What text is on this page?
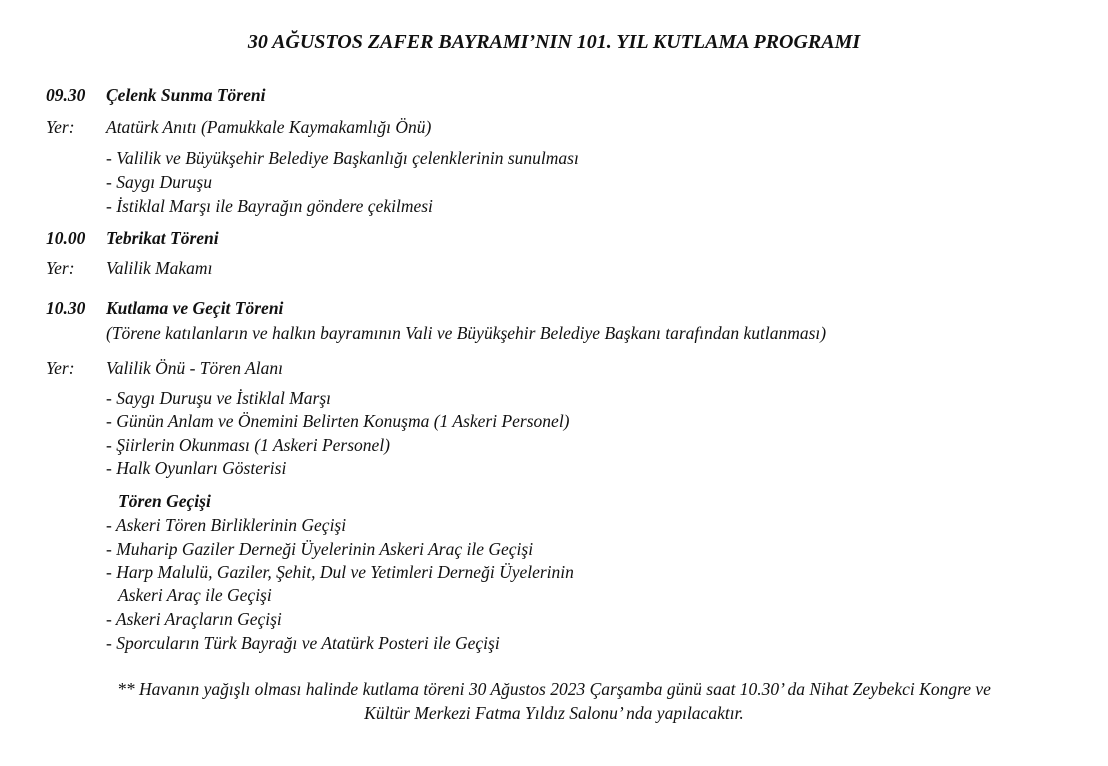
30 AĞUSTOS ZAFER BAYRAMI’NIN 101. YIL KUTLAMA PROGRAMI
09.30 Çelenk Sunma Töreni
Yer: Atatürk Anıtı (Pamukkale Kaymakamlığı Önü)
- Valilik ve Büyükşehir Belediye Başkanlığı çelenklerinin sunulması
- Saygı Duruşu
- İstiklal Marşı ile Bayrağın göndere çekilmesi
10.00 Tebrikat Töreni
Yer: Valilik Makamı
10.30 Kutlama ve Geçit Töreni
(Törene katılanların ve halkın bayramının Vali ve Büyükşehir Belediye Başkanı tarafından kutlanması)
Yer: Valilik Önü - Tören Alanı
- Saygı Duruşu ve İstiklal Marşı
- Günün Anlam ve Önemini Belirten Konuşma (1 Askeri Personel)
- Şiirlerin Okunması (1 Askeri Personel)
- Halk Oyunları Gösterisi
Tören Geçişi
- Askeri Tören Birliklerinin Geçişi
- Muharip Gaziler Derneği Üyelerinin Askeri Araç ile Geçişi
- Harp Malulü, Gaziler, Şehit, Dul ve Yetimleri Derneği Üyelerinin
Askeri Araç ile Geçişi
- Askeri Araçların Geçişi
- Sporcuların Türk Bayrağı ve Atatürk Posteri ile Geçişi
** Havanın yağışlı olması halinde kutlama töreni 30 Ağustos 2023 Çarşamba günü saat 10.30’ da Nihat Zeybekci Kongre ve
Kültür Merkezi Fatma Yıldız Salonu’ nda yapılacaktır.
